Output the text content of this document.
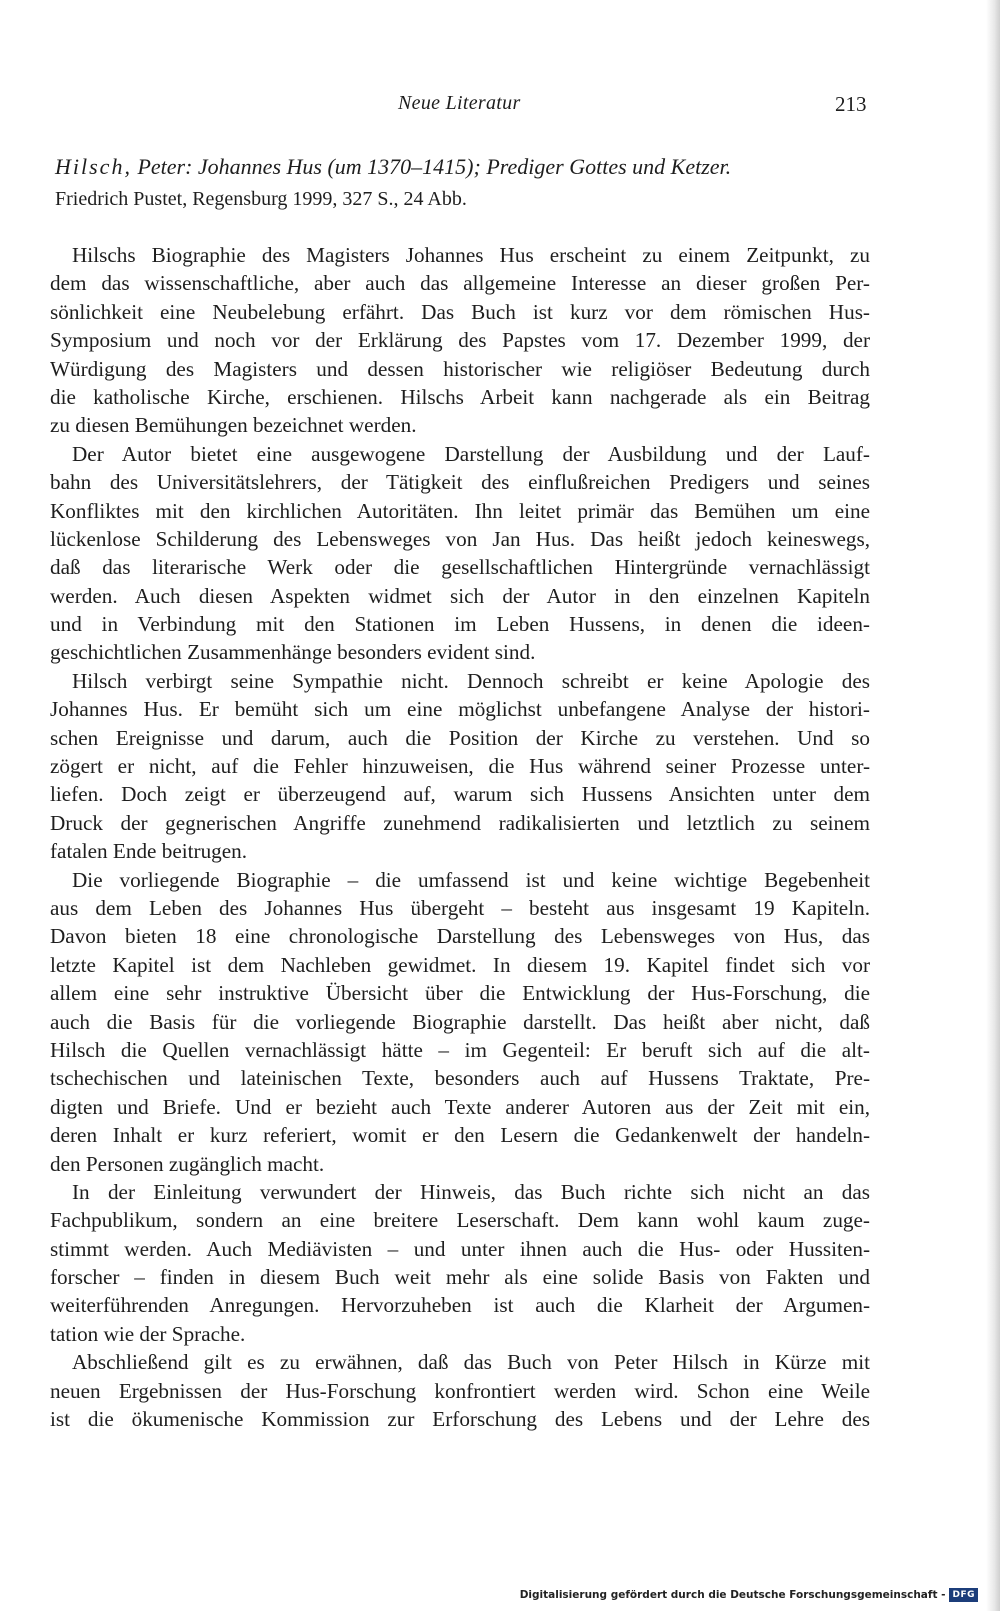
Neue Literatur	213
Hilsch, Peter: Johannes Hus (um 1370–1415); Prediger Gottes und Ketzer.
Friedrich Pustet, Regensburg 1999, 327 S., 24 Abb.
Hilschs Biographie des Magisters Johannes Hus erscheint zu einem Zeitpunkt, zu
dem das wissenschaftliche, aber auch das allgemeine Interesse an dieser großen Per-
sönlichkeit eine Neubelebung erfährt. Das Buch ist kurz vor dem römischen Hus-
Symposium und noch vor der Erklärung des Papstes vom 17. Dezember 1999, der
Würdigung des Magisters und dessen historischer wie religiöser Bedeutung durch
die katholische Kirche, erschienen. Hilschs Arbeit kann nachgerade als ein Beitrag
zu diesen Bemühungen bezeichnet werden.
Der Autor bietet eine ausgewogene Darstellung der Ausbildung und der Lauf-
bahn des Universitätslehrers, der Tätigkeit des einflußreichen Predigers und seines
Konfliktes mit den kirchlichen Autoritäten. Ihn leitet primär das Bemühen um eine
lückenlose Schilderung des Lebensweges von Jan Hus. Das heißt jedoch keineswegs,
daß das literarische Werk oder die gesellschaftlichen Hintergründe vernachlässigt
werden. Auch diesen Aspekten widmet sich der Autor in den einzelnen Kapiteln
und in Verbindung mit den Stationen im Leben Hussens, in denen die ideen-
geschichtlichen Zusammenhänge besonders evident sind.
Hilsch verbirgt seine Sympathie nicht. Dennoch schreibt er keine Apologie des
Johannes Hus. Er bemüht sich um eine möglichst unbefangene Analyse der histori-
schen Ereignisse und darum, auch die Position der Kirche zu verstehen. Und so
zögert er nicht, auf die Fehler hinzuweisen, die Hus während seiner Prozesse unter-
liefen. Doch zeigt er überzeugend auf, warum sich Hussens Ansichten unter dem
Druck der gegnerischen Angriffe zunehmend radikalisierten und letztlich zu seinem
fatalen Ende beitrugen.
Die vorliegende Biographie – die umfassend ist und keine wichtige Begebenheit
aus dem Leben des Johannes Hus übergeht – besteht aus insgesamt 19 Kapiteln.
Davon bieten 18 eine chronologische Darstellung des Lebensweges von Hus, das
letzte Kapitel ist dem Nachleben gewidmet. In diesem 19. Kapitel findet sich vor
allem eine sehr instruktive Übersicht über die Entwicklung der Hus-Forschung, die
auch die Basis für die vorliegende Biographie darstellt. Das heißt aber nicht, daß
Hilsch die Quellen vernachlässigt hätte – im Gegenteil: Er beruft sich auf die alt-
tschechischen und lateinischen Texte, besonders auch auf Hussens Traktate, Pre-
digten und Briefe. Und er bezieht auch Texte anderer Autoren aus der Zeit mit ein,
deren Inhalt er kurz referiert, womit er den Lesern die Gedankenwelt der handeln-
den Personen zugänglich macht.
In der Einleitung verwundert der Hinweis, das Buch richte sich nicht an das
Fachpublikum, sondern an eine breitere Leserschaft. Dem kann wohl kaum zuge-
stimmt werden. Auch Mediävisten – und unter ihnen auch die Hus- oder Hussiten-
forscher – finden in diesem Buch weit mehr als eine solide Basis von Fakten und
weiterführenden Anregungen. Hervorzuheben ist auch die Klarheit der Argumen-
tation wie der Sprache.
Abschließend gilt es zu erwähnen, daß das Buch von Peter Hilsch in Kürze mit
neuen Ergebnissen der Hus-Forschung konfrontiert werden wird. Schon eine Weile
ist die ökumenische Kommission zur Erforschung des Lebens und der Lehre des
Digitalisierung gefördert durch die Deutsche Forschungsgemeinschaft - DFG
